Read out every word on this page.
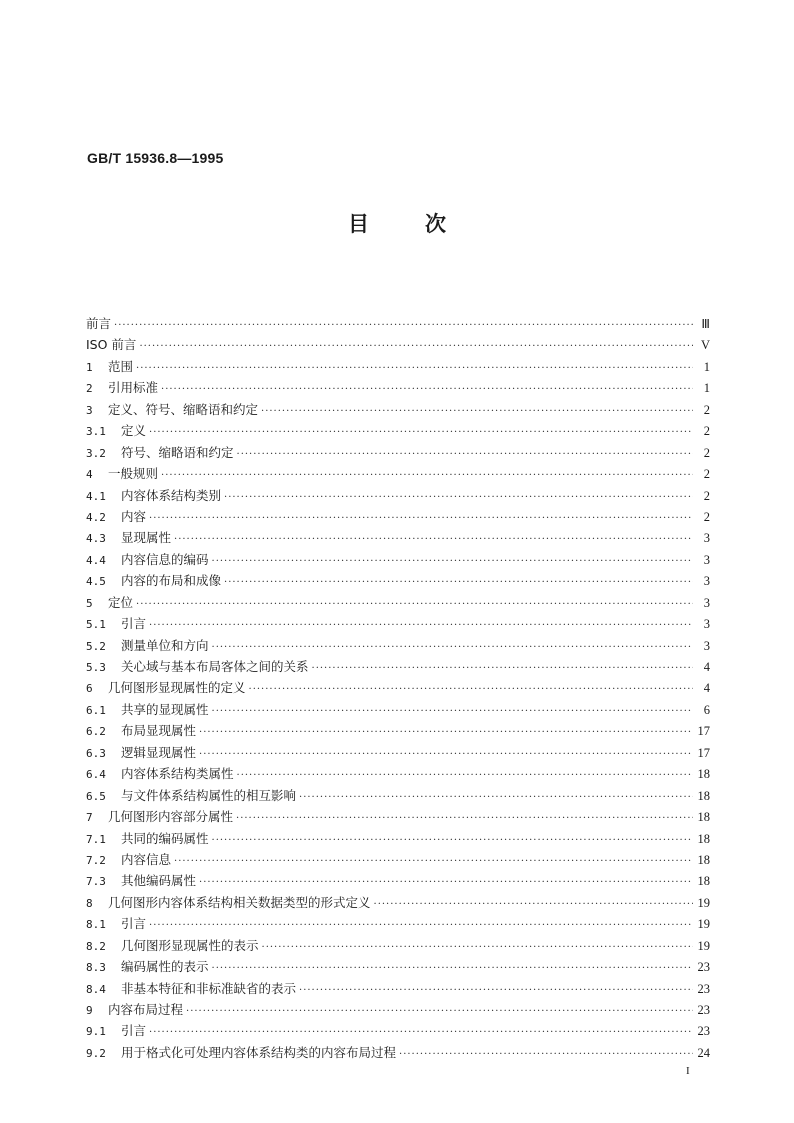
GB/T 15936.8—1995
目	次
前言 ·····	Ⅲ
ISO 前言 ·····	V
1	范围 ·····	1
2	引用标准 ·····	1
3	定义、符号、缩略语和约定 ·····	2
3.1	定义 ·····	2
3.2	符号、缩略语和约定 ·····	2
4	一般规则 ·····	2
4.1	内容体系结构类别 ·····	2
4.2	内容 ·····	2
4.3	显现属性 ·····	3
4.4	内容信息的编码 ·····	3
4.5	内容的布局和成像 ·····	3
5	定位 ·····	3
5.1	引言 ·····	3
5.2	测量单位和方向 ·····	3
5.3	关心域与基本布局客体之间的关系 ·····	4
6	几何图形显现属性的定义 ·····	4
6.1	共享的显现属性 ·····	6
6.2	布局显现属性 ·····	17
6.3	逻辑显现属性 ·····	17
6.4	内容体系结构类属性 ·····	18
6.5	与文件体系结构属性的相互影响 ·····	18
7	几何图形内容部分属性 ·····	18
7.1	共同的编码属性 ·····	18
7.2	内容信息 ·····	18
7.3	其他编码属性 ·····	18
8	几何图形内容体系结构相关数据类型的形式定义 ·····	19
8.1	引言 ·····	19
8.2	几何图形显现属性的表示 ·····	19
8.3	编码属性的表示 ·····	23
8.4	非基本特征和非标准缺省的表示 ·····	23
9	内容布局过程 ·····	23
9.1	引言 ·····	23
9.2	用于格式化可处理内容体系结构类的内容布局过程 ·····	24
I
